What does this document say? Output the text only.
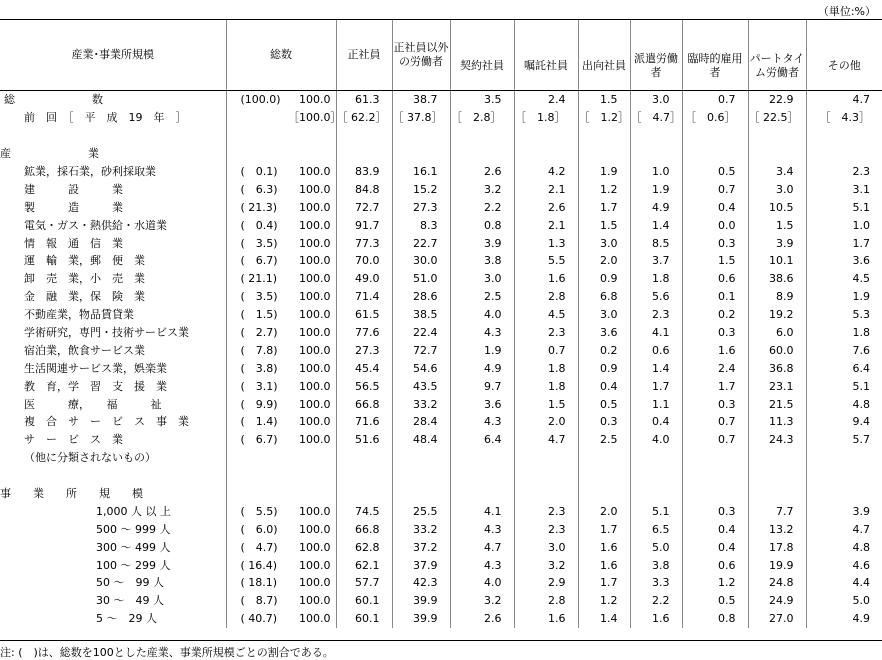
（単位:%）
産業･事業所規模	総数		正社員	正社員以外の労働者	契約社員	嘱託社員	出向社員	派遣労働者	臨時的雇用者	パートタイム労働者	その他
総　　　　　　　数	(100.0)	100.0	61.3	38.7	3.5	2.4	1.5	3.0	0.7	22.9	4.7
前　回　［　平　成　19　年　］		［100.0］	［ 62.2］	［ 37.8］	［　2.8］	［　1.8］	［　1.2］	［　4.7］	［　0.6］	［ 22.5］	［　4.3］

産　　　　　　　業											
鉱業，採石業，砂利採取業	(　0.1)	100.0	83.9	16.1	2.6	4.2	1.9	1.0	0.5	3.4	2.3
建　　　設　　　業	(　6.3)	100.0	84.8	15.2	3.2	2.1	1.2	1.9	0.7	3.0	3.1
製　　　造　　　業	( 21.3)	100.0	72.7	27.3	2.2	2.6	1.7	4.9	0.4	10.5	5.1
電気・ガス・熱供給・水道業	(　0.4)	100.0	91.7	8.3	0.8	2.1	1.5	1.4	0.0	1.5	1.0
情　報　通　信　業	(　3.5)	100.0	77.3	22.7	3.9	1.3	3.0	8.5	0.3	3.9	1.7
運　輸　業，郵　便　業	(　6.7)	100.0	70.0	30.0	3.8	5.5	2.0	3.7	1.5	10.1	3.6
卸　売　業，小　売　業	( 21.1)	100.0	49.0	51.0	3.0	1.6	0.9	1.8	0.6	38.6	4.5
金　融　業，保　険　業	(　3.5)	100.0	71.4	28.6	2.5	2.8	6.8	5.6	0.1	8.9	1.9
不動産業，物品賃貸業	(　1.5)	100.0	61.5	38.5	4.0	4.5	3.0	2.3	0.2	19.2	5.3
学術研究，専門・技術サービス業	(　2.7)	100.0	77.6	22.4	4.3	2.3	3.6	4.1	0.3	6.0	1.8
宿泊業，飲食サービス業	(　7.8)	100.0	27.3	72.7	1.9	0.7	0.2	0.6	1.6	60.0	7.6
生活関連サービス業，娯楽業	(　3.8)	100.0	45.4	54.6	4.9	1.8	0.9	1.4	2.4	36.8	6.4
教　育，学　習　支　援　業	(　3.1)	100.0	56.5	43.5	9.7	1.8	0.4	1.7	1.7	23.1	5.1
医　　　療，　　福　　　祉	(　9.9)	100.0	66.8	33.2	3.6	1.5	0.5	1.1	0.3	21.5	4.8
複　合　サ　ー　ビ　ス　事　業	(　1.4)	100.0	71.6	28.4	4.3	2.0	0.3	0.4	0.7	11.3	9.4
サ　ー　ビ　ス　業	(　6.7)	100.0	51.6	48.4	6.4	4.7	2.5	4.0	0.7	24.3	5.7
（他に分類されないもの）											

事　　業　　所　　規　　模											
1,000 人 以 上	(　5.5)	100.0	74.5	25.5	4.1	2.3	2.0	5.1	0.3	7.7	3.9
500 ～ 999 人	(　6.0)	100.0	66.8	33.2	4.3	2.3	1.7	6.5	0.4	13.2	4.7
300 ～ 499 人	(　4.7)	100.0	62.8	37.2	4.7	3.0	1.6	5.0	0.4	17.8	4.8
100 ～ 299 人	( 16.4)	100.0	62.1	37.9	4.3	3.2	1.6	3.8	0.6	19.9	4.6
50 ～　99 人	( 18.1)	100.0	57.7	42.3	4.0	2.9	1.7	3.3	1.2	24.8	4.4
30 ～　49 人	(　8.7)	100.0	60.1	39.9	3.2	2.8	1.2	2.2	0.5	24.9	5.0
5 ～　29 人	( 40.7)	100.0	60.1	39.9	2.6	1.6	1.4	1.6	0.8	27.0	4.9
注: (　)は、総数を100とした産業、事業所規模ごとの割合である。
